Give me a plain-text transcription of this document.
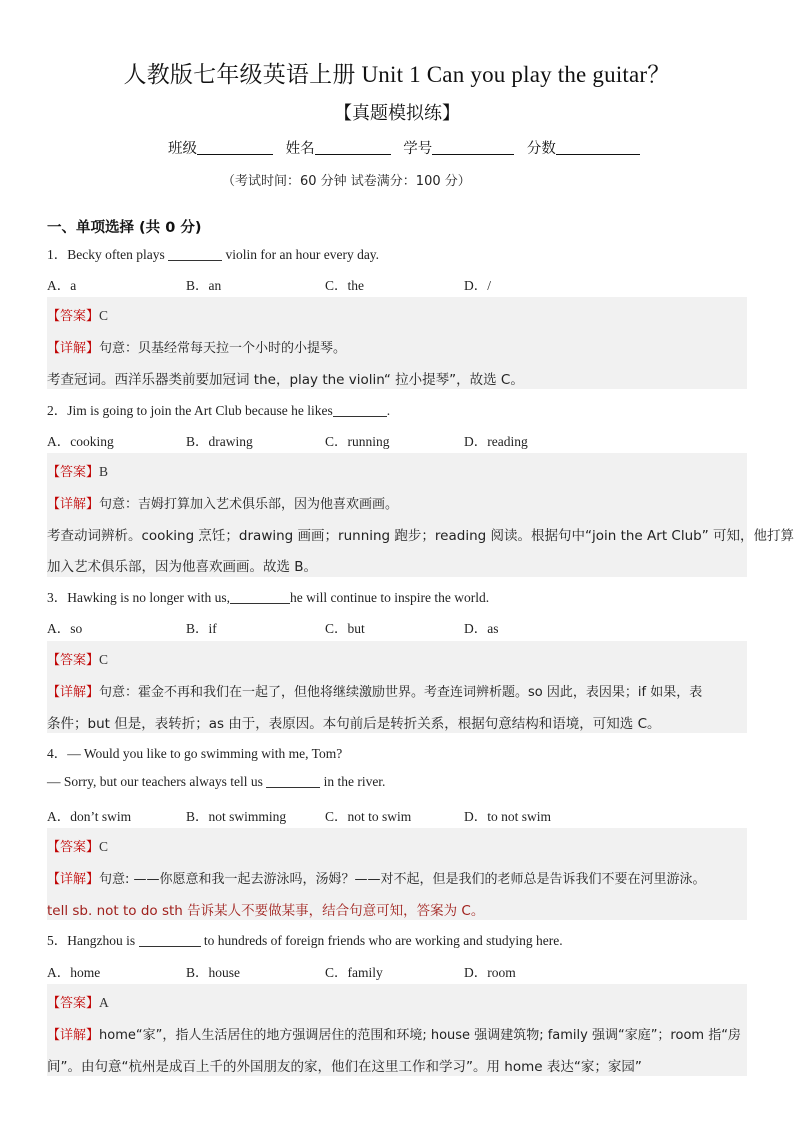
人教版七年级英语上册 Unit 1 Can you play the guitar？
【真题模拟练】
班级	姓名	学号	分数
（考试时间：60 分钟 试卷满分：100 分）
一、单项选择 (共 0 分)
1．Becky often plays	violin for an hour every day.
A．a	B．an	C．the	D．/
【答案】C
【详解】句意：贝基经常每天拉一个小时的小提琴。
考查冠词。西洋乐器类前要加冠词 the，play the violin“ 拉小提琴”，故选 C。
2．Jim is going to join the Art Club because he likes	.
A．cooking	B．drawing	C．running	D．reading
【答案】B
【详解】句意：吉姆打算加入艺术俱乐部，因为他喜欢画画。
考查动词辨析。cooking 烹饪；drawing 画画；running 跑步；reading 阅读。根据句中“join the Art Club” 可知，他打算
加入艺术俱乐部，因为他喜欢画画。故选 B。
3．Hawking is no longer with us,	he will continue to inspire the world.
A．so	B．if	C．but	D．as
【答案】C
【详解】句意：霍金不再和我们在一起了，但他将继续激励世界。考查连词辨析题。so 因此，表因果；if 如果，表
条件；but 但是，表转折；as 由于，表原因。本句前后是转折关系，根据句意结构和语境，可知选 C。
4．— Would you like to go swimming with me, Tom?
— Sorry, but our teachers always tell us	in the river.
A．don’t swim	B．not swimming	C．not to swim	D．to not swim
【答案】C
【详解】句意: ——你愿意和我一起去游泳吗，汤姆？——对不起，但是我们的老师总是告诉我们不要在河里游泳。
tell sb. not to do sth 告诉某人不要做某事，结合句意可知，答案为 C。
5．Hangzhou is	to hundreds of foreign friends who are working and studying here.
A．home	B．house	C．family	D．room
【答案】A
【详解】home“家”，指人生活居住的地方强调居住的范围和环境; house 强调建筑物; family 强调“家庭”；room 指“房
间”。由句意“杭州是成百上千的外国朋友的家，他们在这里工作和学习”。用 home 表达“家；家园”
